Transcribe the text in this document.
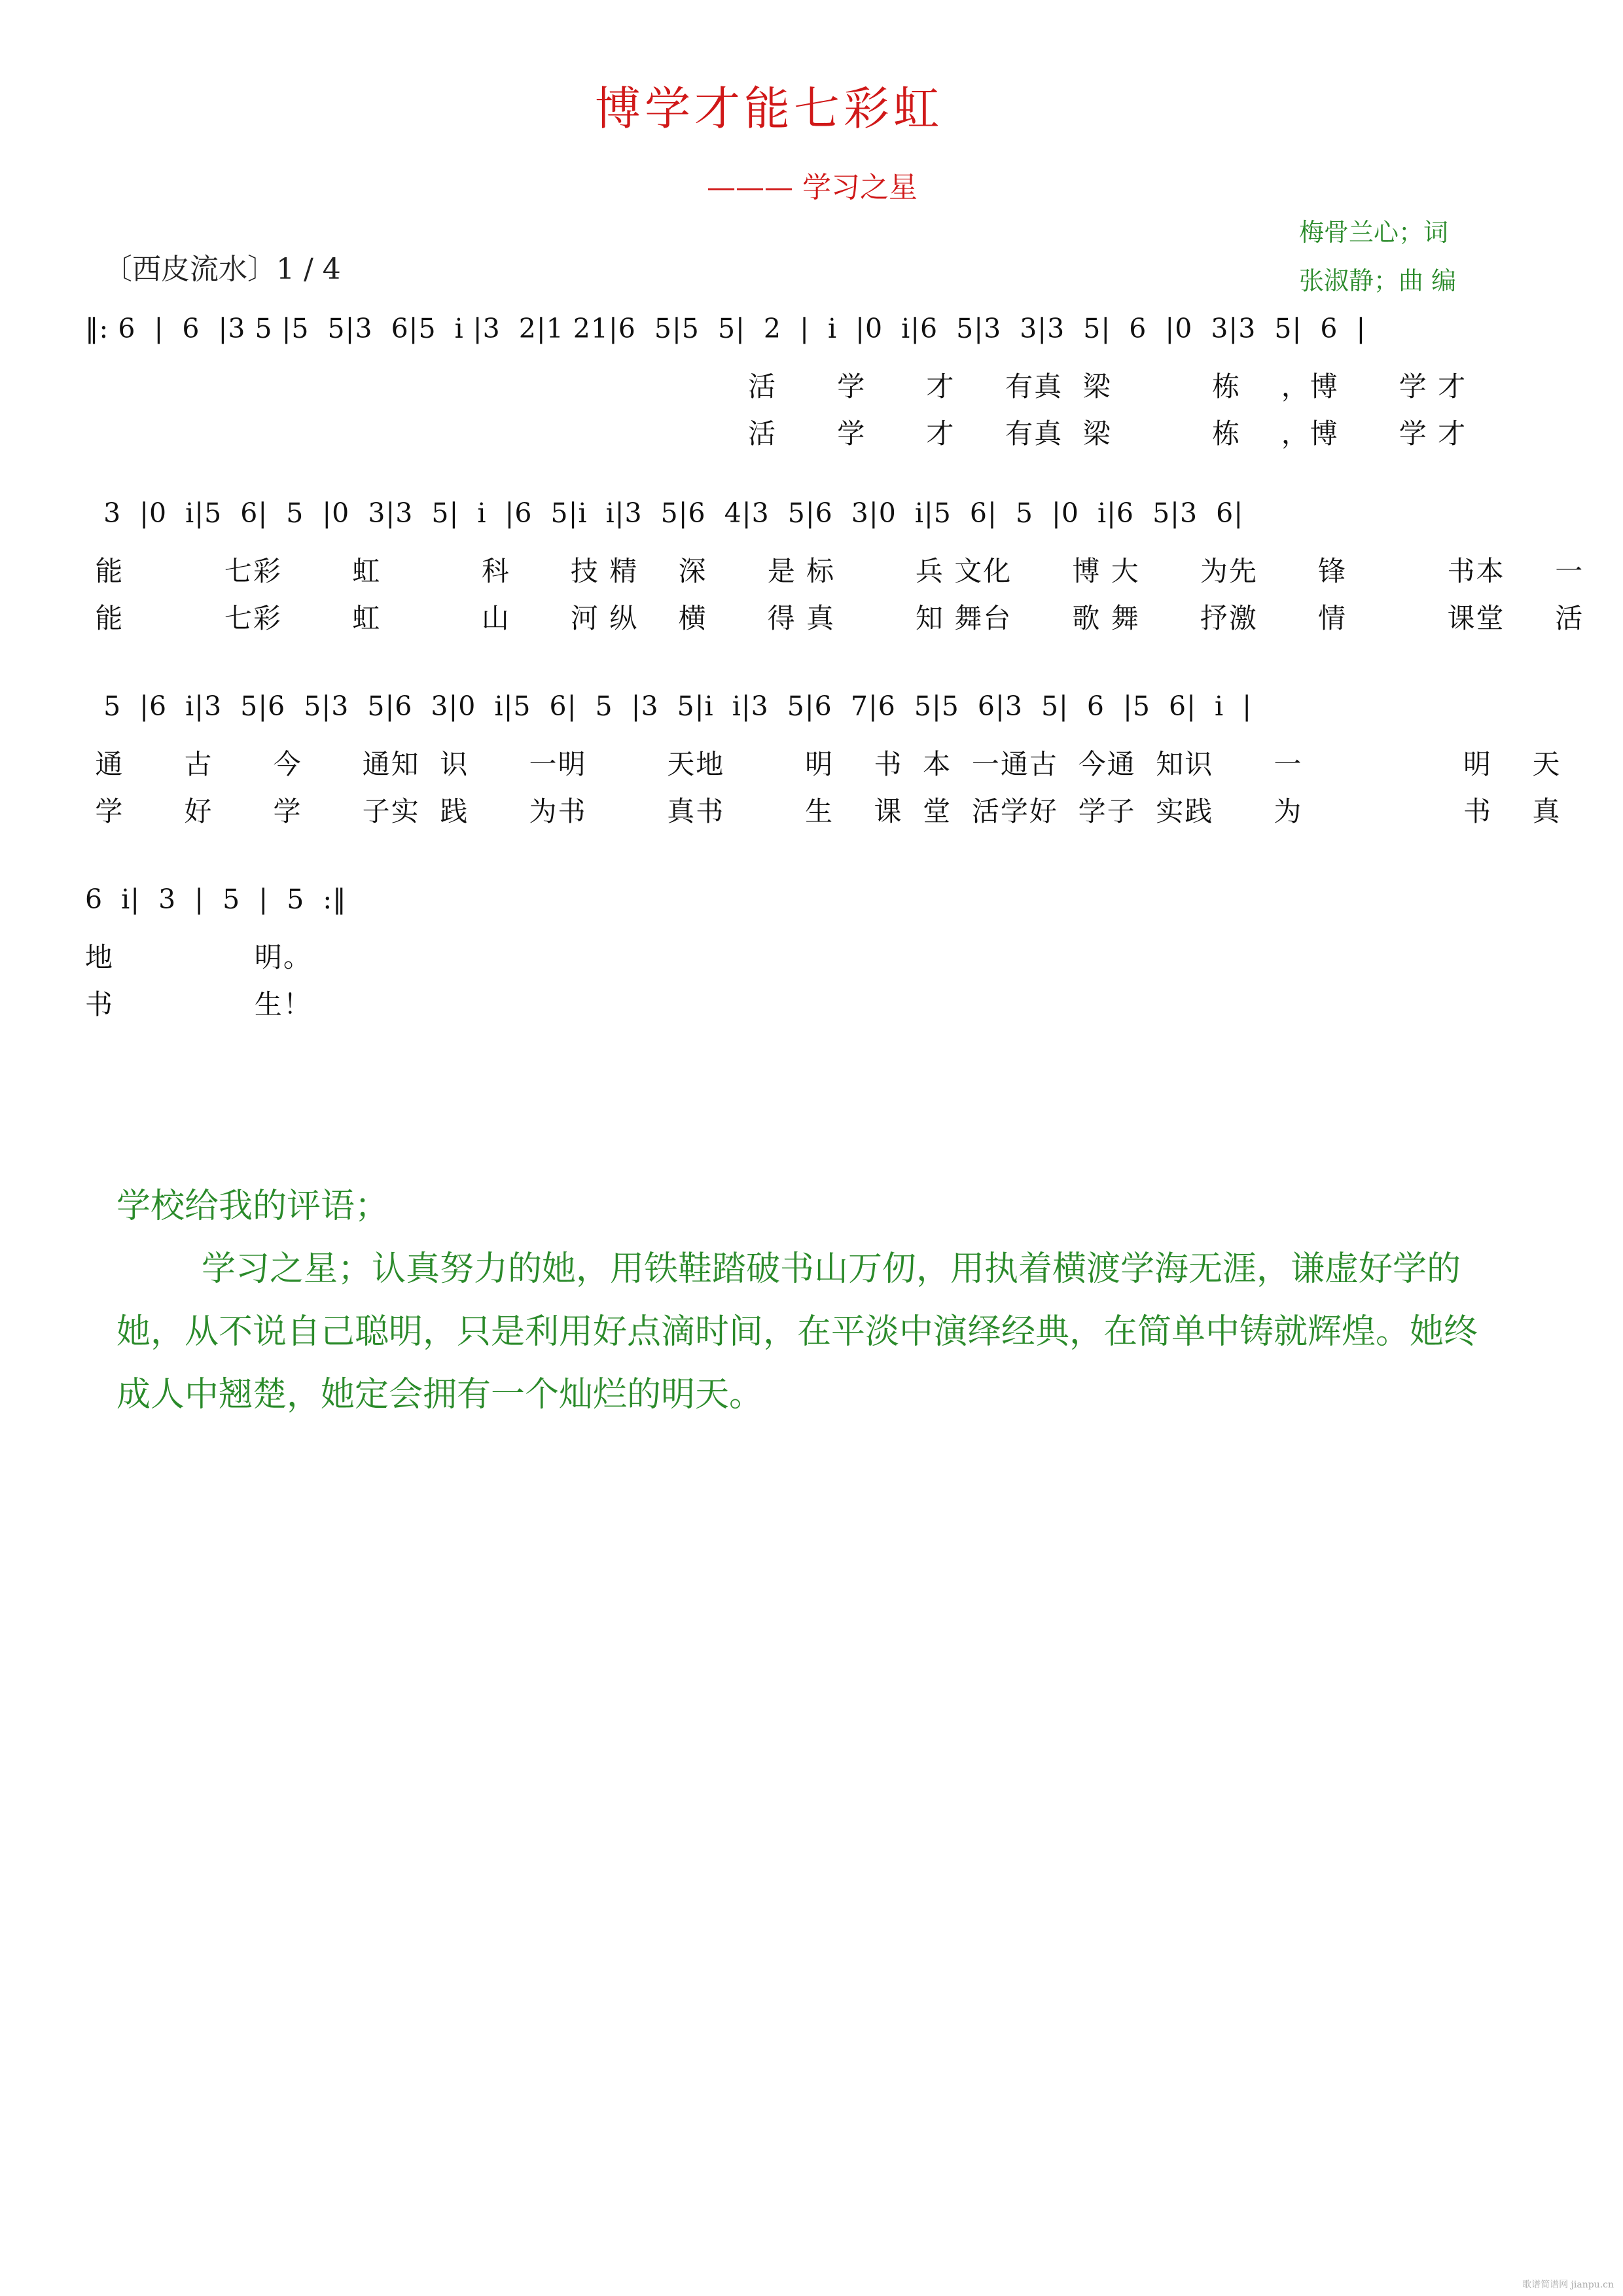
博学才能七彩虹
——— 学习之星
梅骨兰心；词
张淑静；曲 编
〔西皮流水〕1 / 4
‖: 6  |  6  |3 5 |5  5|3  6|5  i |3  2|1 21|6  5|5  5|  2  |  i  |0  i|6  5|3  3|3  5|  6  |0  3|3  5|  6  |
活      学      才     有真  梁          栋    ，博      学 才
活      学      才     有真  梁          栋    ，博      学 才
3  |0  i|5  6|  5  |0  3|3  5|  i  |6  5|i  i|3  5|6  4|3  5|6  3|0  i|5  6|  5  |0  i|6  5|3  6|
能          七彩       虹          科      技 精    深      是 标        兵 文化      博 大      为先      锋          书本     一
能          七彩       虹          山      河 纵    横      得 真        知 舞台      歌 舞      抒激      情          课堂     活
5  |6  i|3  5|6  5|3  5|6  3|0  i|5  6|  5  |3  5|i  i|3  5|6  7|6  5|5  6|3  5|  6  |5  6|  i  |
通      古      今      通知  识      一明        天地        明    书  本  一通古  今通  知识      一                明    天
学      好      学      子实  践      为书        真书        生    课  堂  活学好  学子  实践      为                书    真
6  i|  3  |  5  |  5  :‖
地              明。
书              生！

学校给我的评语；

学习之星；认真努力的她，用铁鞋踏破书山万仞，用执着横渡学海无涯，谦虚好学的她，从不说自己聪明，只是利用好点滴时间，在平淡中演绎经典，在简单中铸就辉煌。她终成人中翘楚，她定会拥有一个灿烂的明天。

歌谱简谱网 jianpu.cn
